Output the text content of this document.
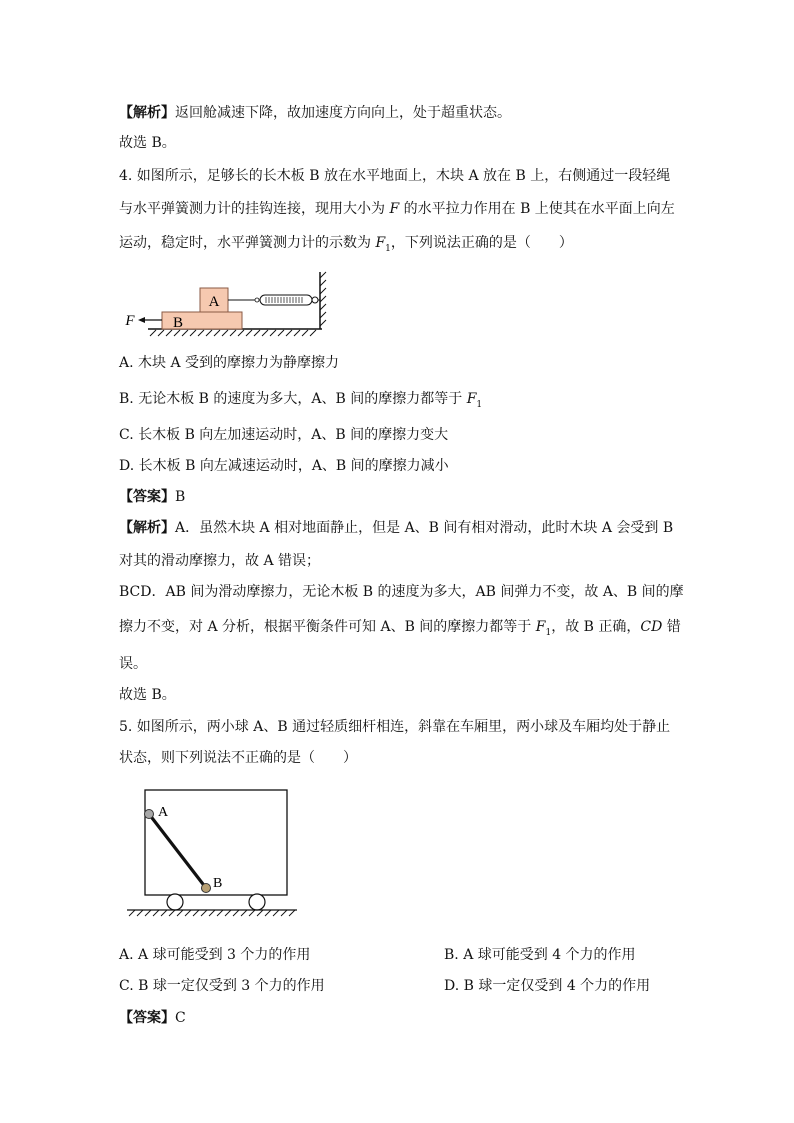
【解析】返回舱减速下降，故加速度方向向上，处于超重状态。
故选 B。
4. 如图所示，足够长的长木板 B 放在水平地面上，木块 A 放在 B 上，右侧通过一段轻绳
与水平弹簧测力计的挂钩连接，现用大小为 F 的水平拉力作用在 B 上使其在水平面上向左
运动，稳定时，水平弹簧测力计的示数为 $F_1$，下列说法正确的是（　　）
A
B
F
A. 木块 A 受到的摩擦力为静摩擦力
B. 无论木板 B 的速度为多大，A、B 间的摩擦力都等于 $F_1$
C. 长木板 B 向左加速运动时，A、B 间的摩擦力变大
D. 长木板 B 向左减速运动时，A、B 间的摩擦力减小
【答案】B
【解析】A．虽然木块 A 相对地面静止，但是 A、B 间有相对滑动，此时木块 A 会受到 B
对其的滑动摩擦力，故 A 错误；
BCD．AB 间为滑动摩擦力，无论木板 B 的速度为多大，AB 间弹力不变，故 A、B 间的摩
擦力不变，对 A 分析，根据平衡条件可知 A、B 间的摩擦力都等于 $F_1$，故 B 正确，CD 错
误。
故选 B。
5. 如图所示，两小球 A、B 通过轻质细杆相连，斜靠在车厢里，两小球及车厢均处于静止
状态，则下列说法不正确的是（　　）
A
B
A. A 球可能受到 3 个力的作用	B. A 球可能受到 4 个力的作用
C. B 球一定仅受到 3 个力的作用	D. B 球一定仅受到 4 个力的作用
【答案】C
